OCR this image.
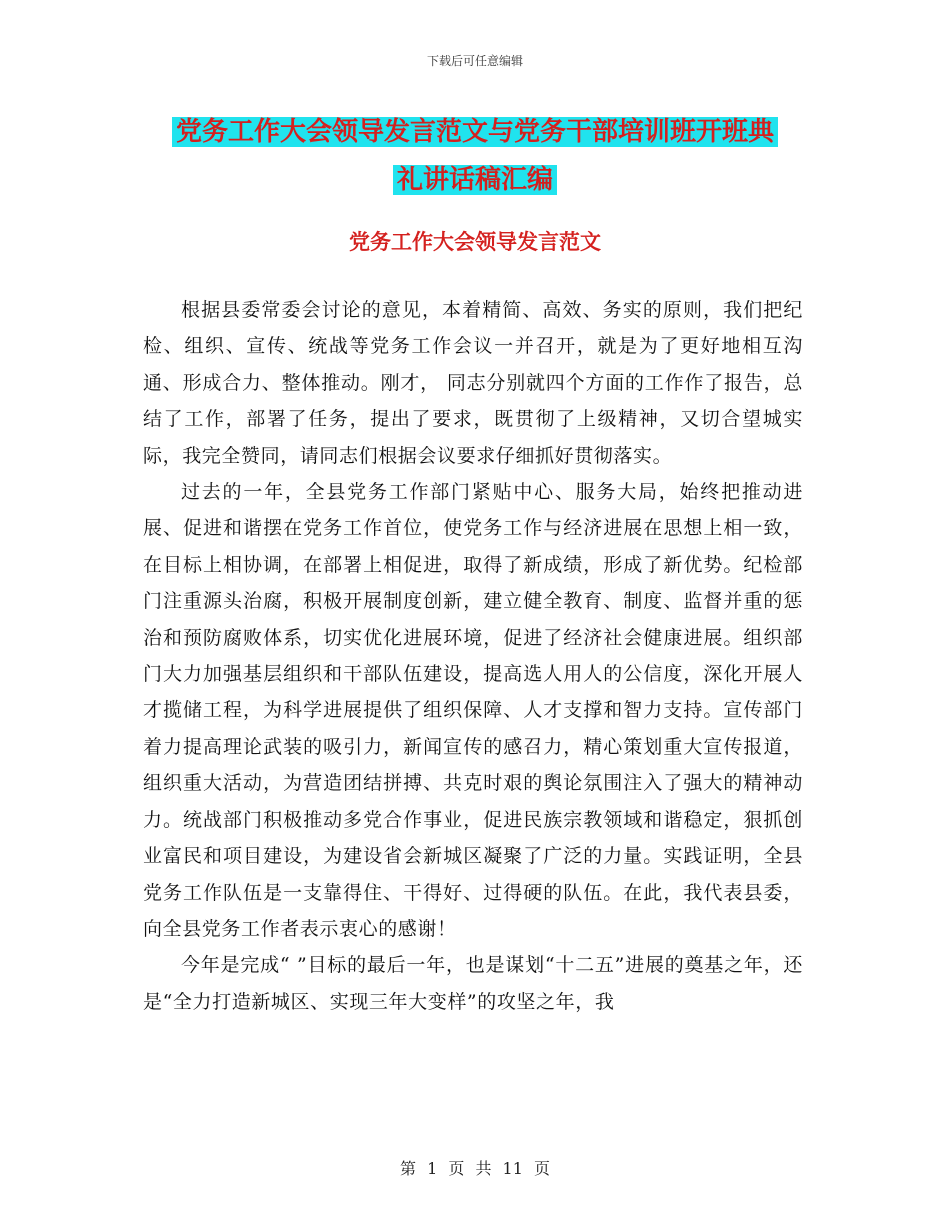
下载后可任意编辑
党务工作大会领导发言范文与党务干部培训班开班典
礼讲话稿汇编
党务工作大会领导发言范文

根据县委常委会讨论的意见，本着精简、高效、务实的原则，我们把纪检、组织、宣传、统战等党务工作会议一并召开，就是为了更好地相互沟通、形成合力、整体推动。刚才， 同志分别就四个方面的工作作了报告，总结了工作，部署了任务，提出了要求，既贯彻了上级精神，又切合望城实际，我完全赞同，请同志们根据会议要求仔细抓好贯彻落实。

过去的一年，全县党务工作部门紧贴中心、服务大局，始终把推动进展、促进和谐摆在党务工作首位，使党务工作与经济进展在思想上相一致，在目标上相协调，在部署上相促进，取得了新成绩，形成了新优势。纪检部门注重源头治腐，积极开展制度创新，建立健全教育、制度、监督并重的惩治和预防腐败体系，切实优化进展环境，促进了经济社会健康进展。组织部门大力加强基层组织和干部队伍建设，提高选人用人的公信度，深化开展人才揽储工程，为科学进展提供了组织保障、人才支撑和智力支持。宣传部门着力提高理论武装的吸引力，新闻宣传的感召力，精心策划重大宣传报道，组织重大活动，为营造团结拼搏、共克时艰的舆论氛围注入了强大的精神动力。统战部门积极推动多党合作事业，促进民族宗教领域和谐稳定，狠抓创业富民和项目建设，为建设省会新城区凝聚了广泛的力量。实践证明，全县党务工作队伍是一支靠得住、干得好、过得硬的队伍。在此，我代表县委，向全县党务工作者表示衷心的感谢！

今年是完成“ ”目标的最后一年，也是谋划“十二五”进展的奠基之年，还是“全力打造新城区、实现三年大变样”的攻坚之年，我

第 1 页 共 11 页
